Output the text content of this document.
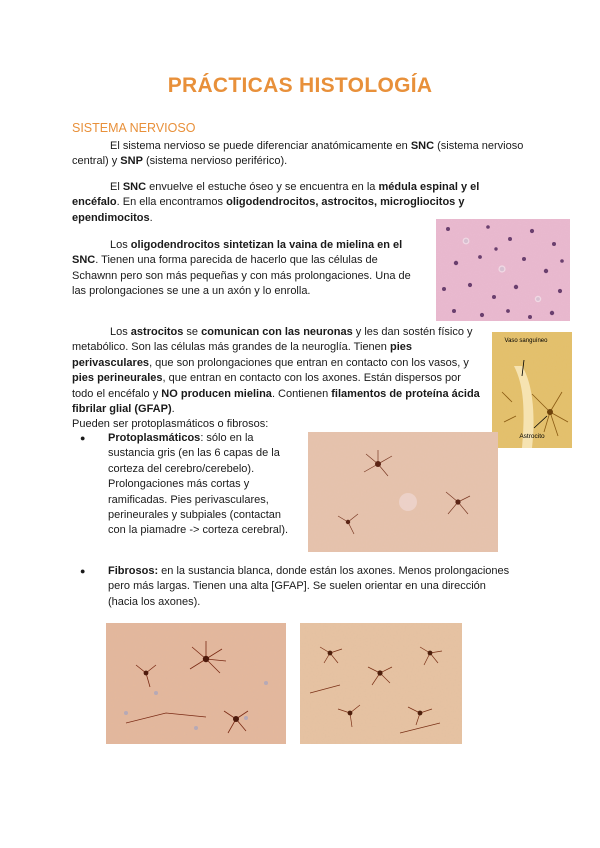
PRÁCTICAS HISTOLOGÍA
SISTEMA NERVIOSO
El sistema nervioso se puede diferenciar anatómicamente en SNC (sistema nervioso central) y SNP (sistema nervioso periférico).
El SNC envuelve el estuche óseo y se encuentra en la médula espinal y el encéfalo. En ella encontramos oligodendrocitos, astrocitos, microgliocitos y ependimocitos.
Los oligodendrocitos sintetizan la vaina de mielina en el SNC. Tienen una forma parecida de hacerlo que las células de Schawnn pero son más pequeñas y con más prolongaciones. Una de las prolongaciones se une a un axón y lo enrolla.
Los astrocitos se comunican con las neuronas y les dan sostén físico y metabólico. Son las células más grandes de la neuroglía. Tienen pies perivasculares, que son prolongaciones que entran en contacto con los vasos, y pies perineurales, que entran en contacto con los axones. Están dispersos por todo el encéfalo y NO producen mielina. Contienen filamentos de proteína ácida fibrilar glial (GFAP).
Pueden ser protoplasmáticos o fibrosos:
Vaso sanguíneo
Astrocito
●	Protoplasmáticos: sólo en la sustancia gris (en las 6 capas de la corteza del cerebro/cerebelo). Prolongaciones más cortas y ramificadas. Pies perivasculares, perineurales y subpiales (contactan con la piamadre -> corteza cerebral).
●	Fibrosos: en la sustancia blanca, donde están los axones. Menos prolongaciones pero más largas. Tienen una alta [GFAP]. Se suelen orientar en una dirección (hacia los axones).
